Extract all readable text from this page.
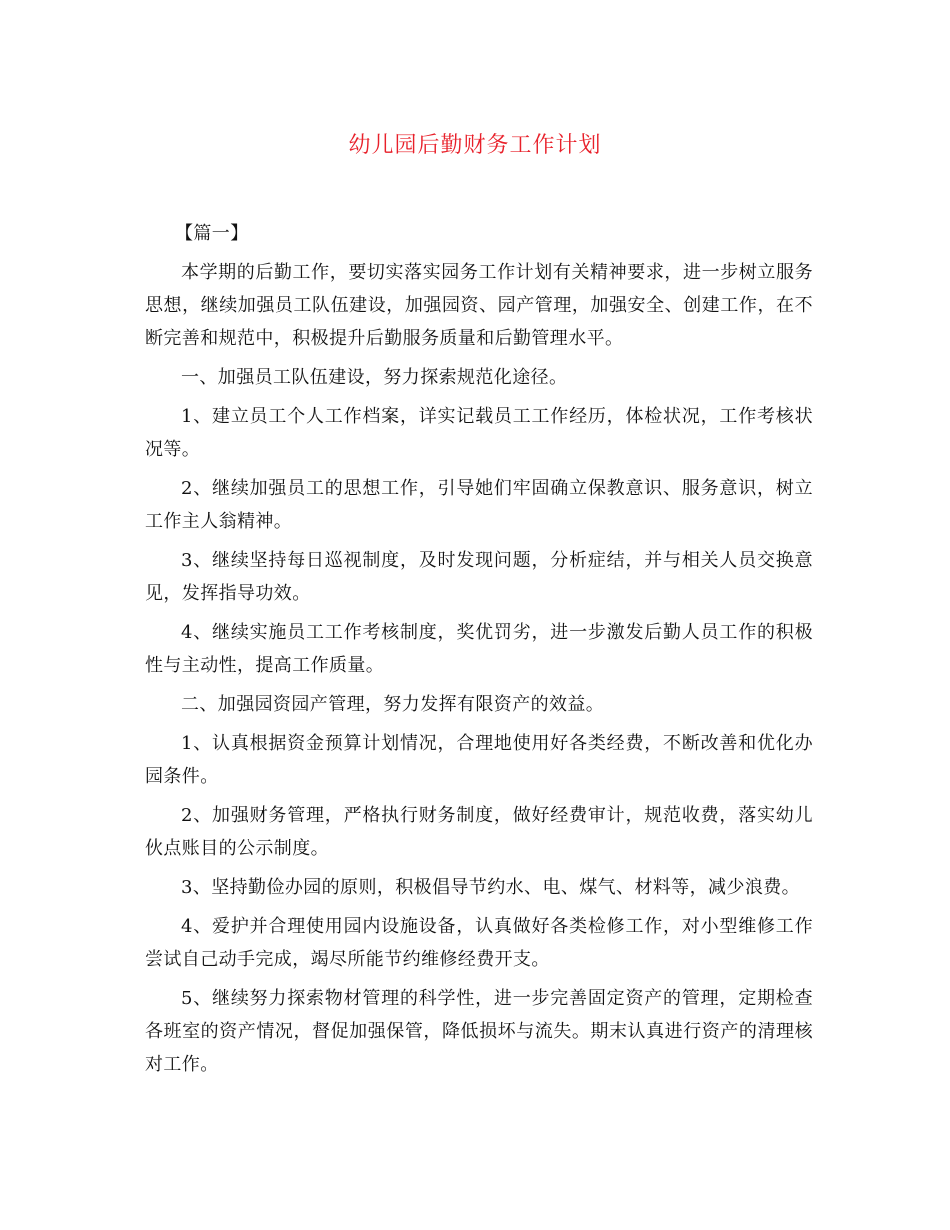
幼儿园后勤财务工作计划

【篇一】

本学期的后勤工作，要切实落实园务工作计划有关精神要求，进一步树立服务思想，继续加强员工队伍建设，加强园资、园产管理，加强安全、创建工作，在不断完善和规范中，积极提升后勤服务质量和后勤管理水平。

一、加强员工队伍建设，努力探索规范化途径。

1、建立员工个人工作档案，详实记载员工工作经历，体检状况，工作考核状况等。

2、继续加强员工的思想工作，引导她们牢固确立保教意识、服务意识，树立工作主人翁精神。

3、继续坚持每日巡视制度，及时发现问题，分析症结，并与相关人员交换意见，发挥指导功效。

4、继续实施员工工作考核制度，奖优罚劣，进一步激发后勤人员工作的积极性与主动性，提高工作质量。

二、加强园资园产管理，努力发挥有限资产的效益。

1、认真根据资金预算计划情况，合理地使用好各类经费，不断改善和优化办园条件。

2、加强财务管理，严格执行财务制度，做好经费审计，规范收费，落实幼儿伙点账目的公示制度。

3、坚持勤俭办园的原则，积极倡导节约水、电、煤气、材料等，减少浪费。

4、爱护并合理使用园内设施设备，认真做好各类检修工作，对小型维修工作尝试自己动手完成，竭尽所能节约维修经费开支。

5、继续努力探索物材管理的科学性，进一步完善固定资产的管理，定期检查各班室的资产情况，督促加强保管，降低损坏与流失。期末认真进行资产的清理核对工作。
